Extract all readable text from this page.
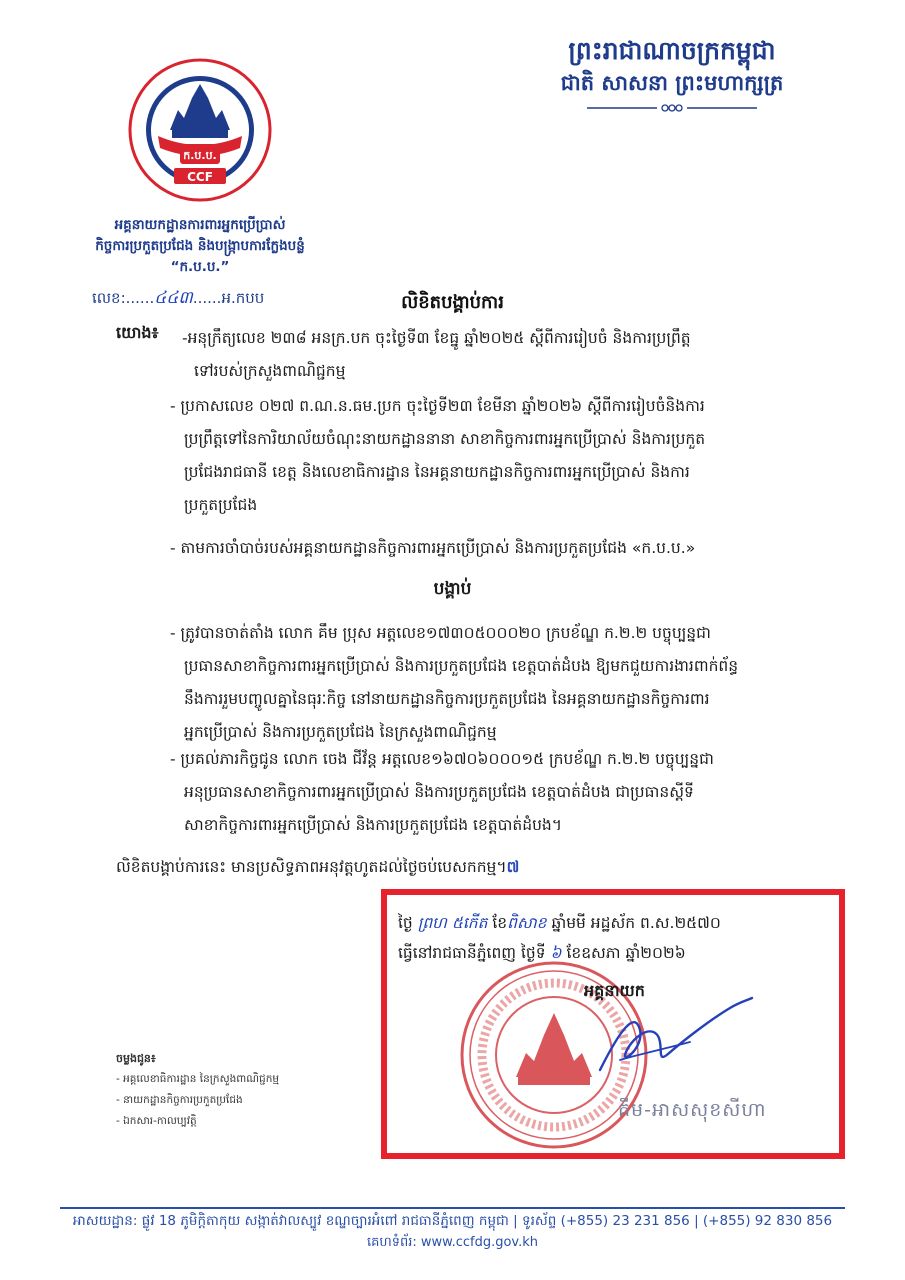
ព្រះរាជាណាចក្រកម្ពុជា
ជាតិ សាសនា ព្រះមហាក្សត្រ
ក.ប.ប.
CCF
អគ្គនាយកដ្ឋានការពារអ្នកប្រើប្រាស់
កិច្ចការប្រកួតប្រជែង និងបង្ក្រាបការក្លែងបន្លំ
“ក.ប.ប.”
លេខ:......៤៤៣......អ.កបប	លិខិតបង្គាប់ការ
យោង៖ -អនុក្រឹត្យលេខ ២៣៨ អនក្រ.បក ចុះថ្ងៃទី៣ ខែធ្នូ ឆ្នាំ២០២៥ ស្តីពីការរៀបចំ និងការប្រព្រឹត្ត
ទៅរបស់ក្រសួងពាណិជ្ជកម្ម
- ប្រកាសលេខ ០២៧ ព.ណ.ន.ធម.ប្រក ចុះថ្ងៃទី២៣ ខែមីនា ឆ្នាំ២០២៦ ស្តីពីការរៀបចំនិងការ
ប្រព្រឹត្តទៅនៃការិយាល័យចំណុះនាយកដ្ឋាននានា សាខាកិច្ចការពារអ្នកប្រើប្រាស់ និងការប្រកួត
ប្រជែងរាជធានី ខេត្ត និងលេខាធិការដ្ឋាន នៃអគ្គនាយកដ្ឋានកិច្ចការពារអ្នកប្រើប្រាស់ និងការ
ប្រកួតប្រជែង
- តាមការចាំបាច់របស់អគ្គនាយកដ្ឋានកិច្ចការពារអ្នកប្រើប្រាស់ និងការប្រកួតប្រជែង «ក.ប.ប.»
បង្គាប់
- ត្រូវបានចាត់តាំង លោក គឹម ប្រុស អត្តលេខ១៧៣០៥០០០២០ ក្របខ័ណ្ឌ ក.២.២ បច្ចុប្បន្នជា
ប្រធានសាខាកិច្ចការពារអ្នកប្រើប្រាស់ និងការប្រកួតប្រជែង ខេត្តបាត់ដំបង ឱ្យមកជួយការងារពាក់ព័ន្ធ
នឹងការរួមបញ្ចូលគ្នានៃធុរៈកិច្ច នៅនាយកដ្ឋានកិច្ចការប្រកួតប្រជែង នៃអគ្គនាយកដ្ឋានកិច្ចការពារ
អ្នកប្រើប្រាស់ និងការប្រកួតប្រជែង នៃក្រសួងពាណិជ្ជកម្ម
- ប្រគល់ភារកិច្ចជូន លោក ចេង ជីវ័ន្ត អត្តលេខ១៦៧០៦០០០១៥ ក្របខ័ណ្ឌ ក.២.២ បច្ចុប្បន្នជា
អនុប្រធានសាខាកិច្ចការពារអ្នកប្រើប្រាស់ និងការប្រកួតប្រជែង ខេត្តបាត់ដំបង ជាប្រធានស្តីទី
សាខាកិច្ចការពារអ្នកប្រើប្រាស់ និងការប្រកួតប្រជែង ខេត្តបាត់ដំបង។
លិខិតបង្គាប់ការនេះ មានប្រសិទ្ធភាពអនុវត្តហូតដល់ថ្ងៃចប់បេសកកម្ម។៧
ថ្ងៃ ព្រហ ៥កើត ខែពិសាខ ឆ្នាំមមី អដ្ឋស័ក ព.ស.២៥៧០
ធ្វើនៅរាជធានីភ្នំពេញ ថ្ងៃទី ៦ ខែឧសភា ឆ្នាំ២០២៦
អគ្គនាយក
គឹម-អាសសុខសីហា
ចម្លងជូន៖
- អគ្គលេខាធិការដ្ឋាន នៃក្រសួងពាណិជ្ជកម្ម
- នាយកដ្ឋានកិច្ចការប្រកួតប្រជែង
- ឯកសារ-កាលប្បវត្តិ
អាសយដ្ឋាន: ផ្លូវ 18 ភូមិក្តិតាកុយ សង្កាត់វាលស្បូវ ខណ្ឌច្បារអំពៅ រាជធានីភ្នំពេញ កម្ពុជា | ទូរស័ព្ទ (+855) 23 231 856 | (+855) 92 830 856
គេហទំព័រ: www.ccfdg.gov.kh
